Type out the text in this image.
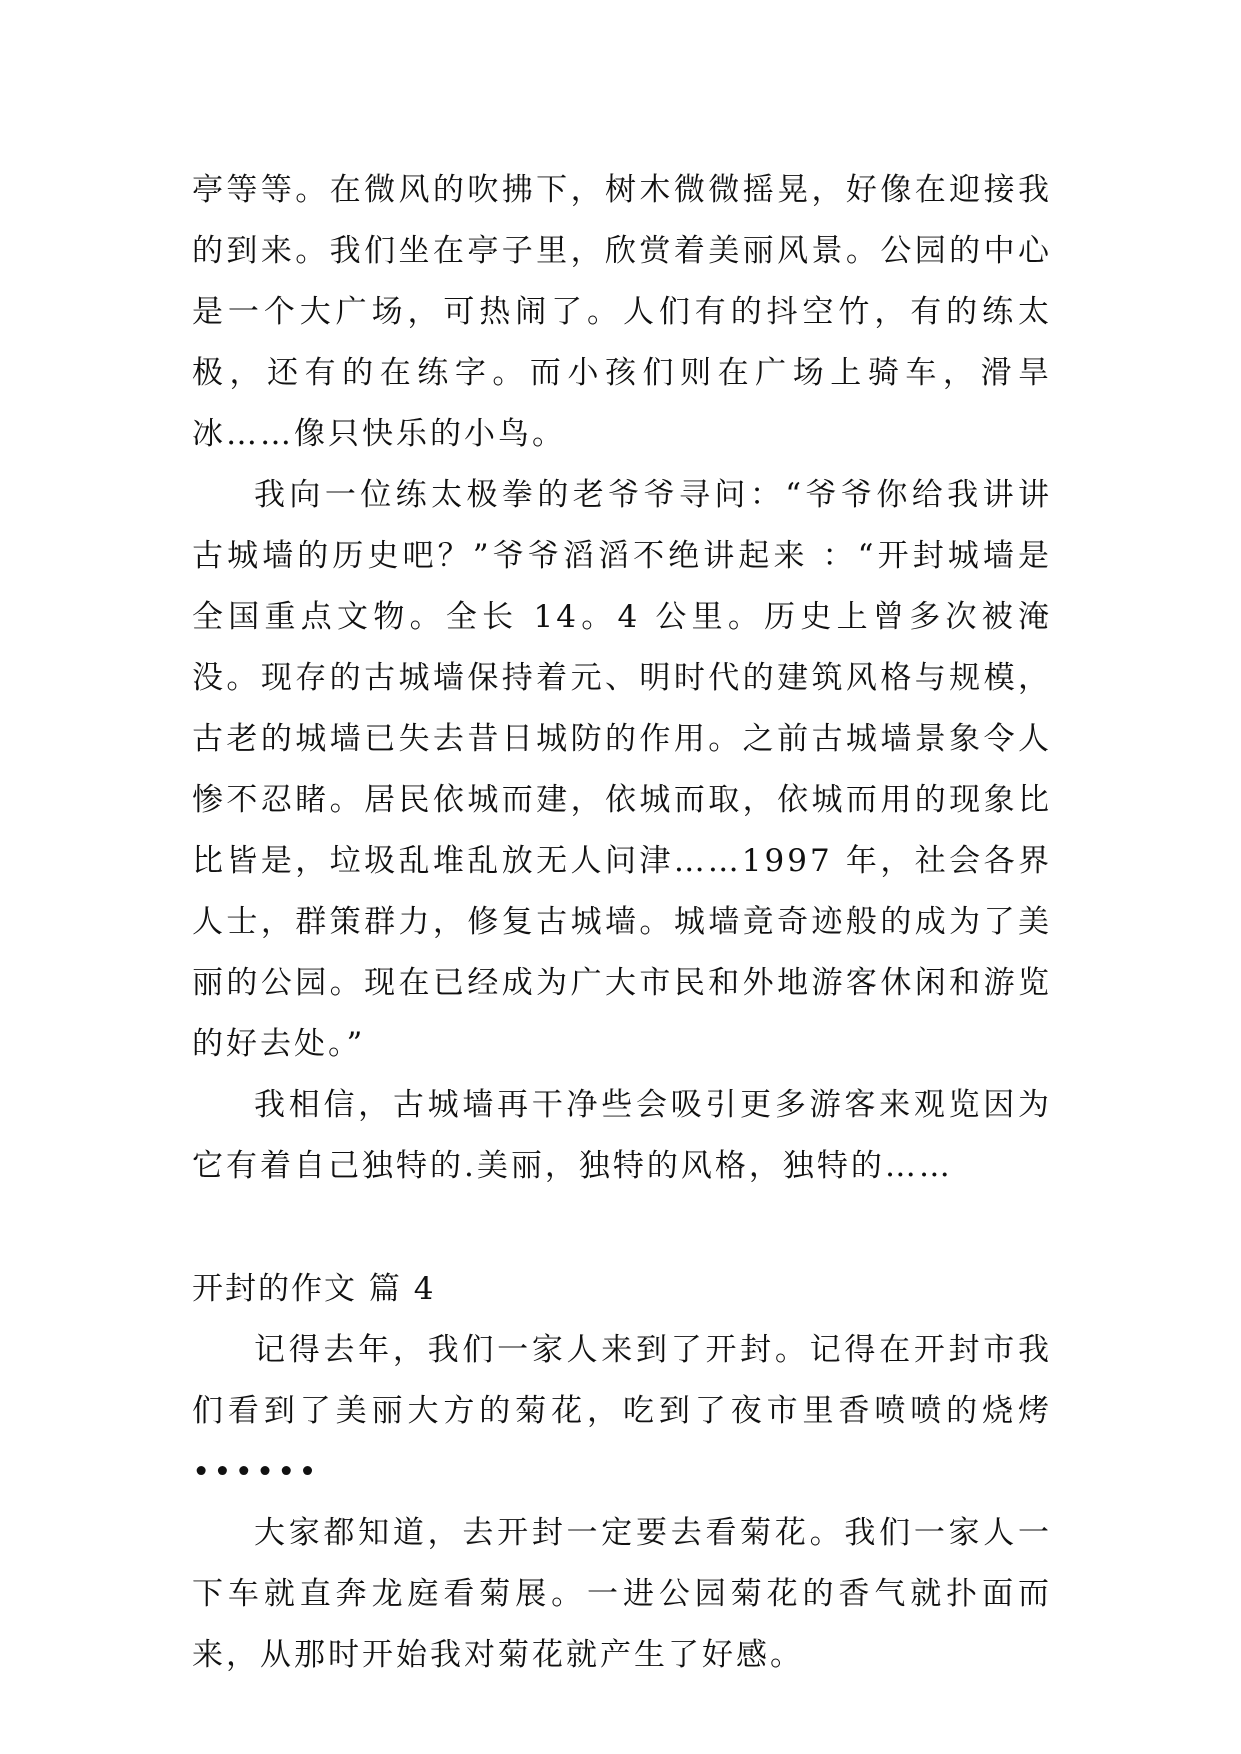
亭等等。在微风的吹拂下，树木微微摇晃，好像在迎接我的到来。我们坐在亭子里，欣赏着美丽风景。公园的中心是一个大广场，可热闹了。人们有的抖空竹，有的练太极，还有的在练字。而小孩们则在广场上骑车，滑旱冰……像只快乐的小鸟。

我向一位练太极拳的老爷爷寻问：“爷爷你给我讲讲古城墙的历史吧？”爷爷滔滔不绝讲起来 ：“开封城墙是全国重点文物。全长 14。4 公里。历史上曾多次被淹没。现存的古城墙保持着元、明时代的建筑风格与规模，古老的城墙已失去昔日城防的作用。之前古城墙景象令人惨不忍睹。居民依城而建，依城而取，依城而用的现象比比皆是，垃圾乱堆乱放无人问津……1997 年，社会各界人士，群策群力，修复古城墙。城墙竟奇迹般的成为了美丽的公园。现在已经成为广大市民和外地游客休闲和游览的好去处。”

我相信，古城墙再干净些会吸引更多游客来观览因为它有着自己独特的.美丽，独特的风格，独特的……

开封的作文 篇 4

记得去年，我们一家人来到了开封。记得在开封市我们看到了美丽大方的菊花，吃到了夜市里香喷喷的烧烤••••••

大家都知道，去开封一定要去看菊花。我们一家人一下车就直奔龙庭看菊展。一进公园菊花的香气就扑面而来，从那时开始我对菊花就产生了好感。
